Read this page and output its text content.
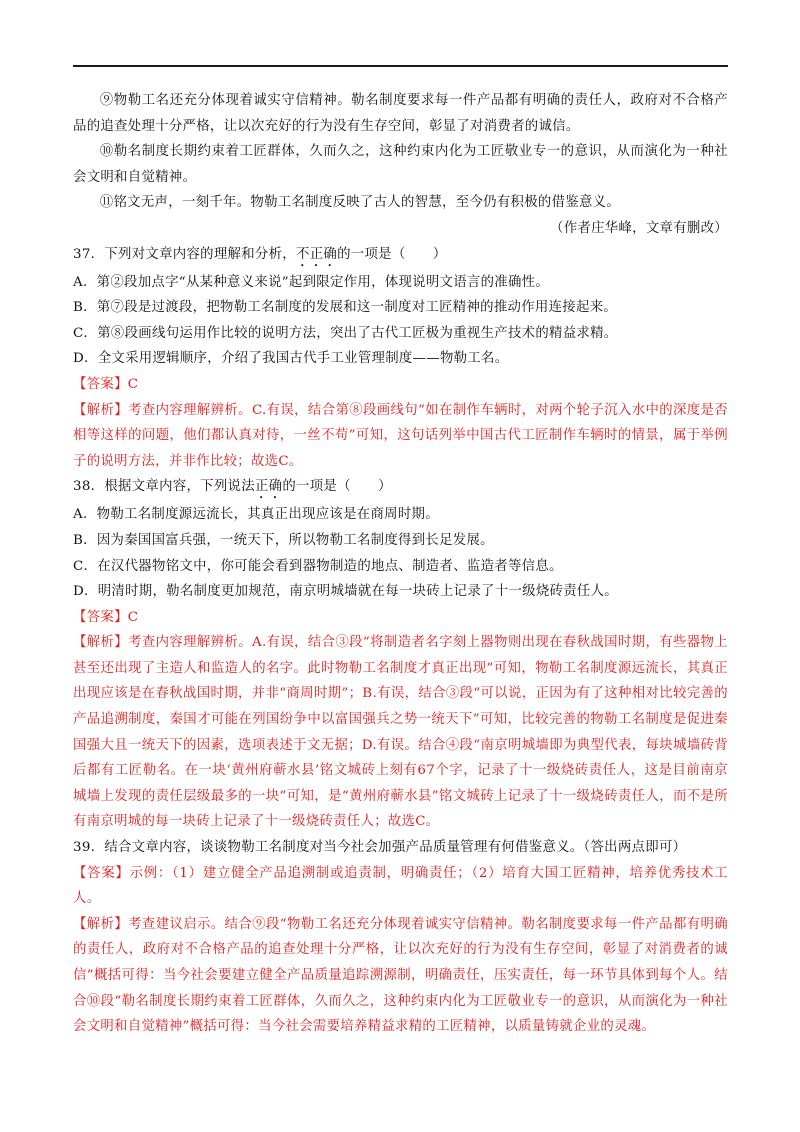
⑨物勒工名还充分体现着诚实守信精神。勒名制度要求每一件产品都有明确的责任人，政府对不合格产品的追查处理十分严格，让以次充好的行为没有生存空间，彰显了对消费者的诚信。

⑩勒名制度长期约束着工匠群体，久而久之，这种约束内化为工匠敬业专一的意识，从而演化为一种社会文明和自觉精神。

⑪铭文无声，一刻千年。物勒工名制度反映了古人的智慧，至今仍有积极的借鉴意义。

（作者庄华峰，文章有删改）

37．下列对文章内容的理解和分析，不正确的一项是（　　）

A．第②段加点字“从某种意义来说”起到限定作用，体现说明文语言的准确性。

B．第⑦段是过渡段，把物勒工名制度的发展和这一制度对工匠精神的推动作用连接起来。

C．第⑧段画线句运用作比较的说明方法，突出了古代工匠极为重视生产技术的精益求精。

D．全文采用逻辑顺序，介绍了我国古代手工业管理制度——物勒工名。

【答案】C

【解析】考查内容理解辨析。C.有误，结合第⑧段画线句“如在制作车辆时，对两个轮子沉入水中的深度是否相等这样的问题，他们都认真对待，一丝不苟”可知，这句话列举中国古代工匠制作车辆时的情景，属于举例子的说明方法，并非作比较；故选C。

38．根据文章内容，下列说法正确的一项是（　　）

A．物勒工名制度源远流长，其真正出现应该是在商周时期。

B．因为秦国国富兵强，一统天下，所以物勒工名制度得到长足发展。

C．在汉代器物铭文中，你可能会看到器物制造的地点、制造者、监造者等信息。

D．明清时期，勒名制度更加规范，南京明城墙就在每一块砖上记录了十一级烧砖责任人。

【答案】C

【解析】考查内容理解辨析。A.有误，结合③段“将制造者名字刻上器物则出现在春秋战国时期，有些器物上甚至还出现了主造人和监造人的名字。此时物勒工名制度才真正出现”可知，物勒工名制度源远流长，其真正出现应该是在春秋战国时期，并非“商周时期”；B.有误，结合③段“可以说，正因为有了这种相对比较完善的产品追溯制度，秦国才可能在列国纷争中以富国强兵之势一统天下”可知，比较完善的物勒工名制度是促进秦国强大且一统天下的因素，选项表述于文无据；D.有误。结合④段“南京明城墙即为典型代表，每块城墙砖背后都有工匠勒名。在一块‘黄州府蕲水县’铭文城砖上刻有67个字，记录了十一级烧砖责任人，这是目前南京城墙上发现的责任层级最多的一块”可知，是“黄州府蕲水县”铭文城砖上记录了十一级烧砖责任人，而不是所有南京明城的每一块砖上记录了十一级烧砖责任人；故选C。

39．结合文章内容，谈谈物勒工名制度对当今社会加强产品质量管理有何借鉴意义。（答出两点即可）

【答案】示例：（1）建立健全产品追溯制或追责制，明确责任；（2）培育大国工匠精神，培养优秀技术工人。

【解析】考查建议启示。结合⑨段“物勒工名还充分体现着诚实守信精神。勒名制度要求每一件产品都有明确的责任人，政府对不合格产品的追查处理十分严格，让以次充好的行为没有生存空间，彰显了对消费者的诚信”概括可得：当今社会要建立健全产品质量追踪溯源制，明确责任，压实责任，每一环节具体到每个人。结合⑩段“勒名制度长期约束着工匠群体，久而久之，这种约束内化为工匠敬业专一的意识，从而演化为一种社会文明和自觉精神”概括可得：当今社会需要培养精益求精的工匠精神，以质量铸就企业的灵魂。
